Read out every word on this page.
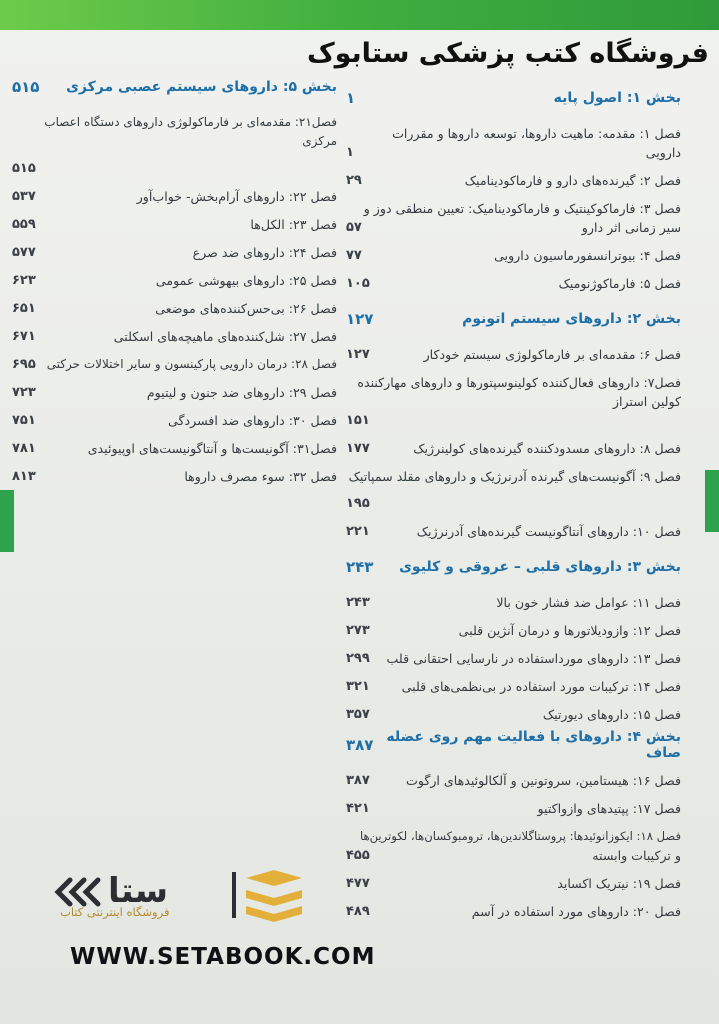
فروشگاه کتب پزشکی ستابوک
بخش ۱: اصول پایه
۱
فصل ۱: مقدمه: ماهیت داروها، توسعه داروها و مقررات دارویی
۱
فصل ۲: گیرنده‌های دارو و فارماکودینامیک
۲۹
فصل ۳: فارماکوکینتیک و فارماکودینامیک: تعیین منطقی دوز و
سیر زمانی اثر دارو
۵۷
فصل ۴: بیوترانسفورماسیون دارویی
۷۷
فصل ۵: فارماکوژنومیک
۱۰۵
بخش ۲: داروهای سیستم اتونوم
۱۲۷
فصل ۶: مقدمه‌ای بر فارماکولوژی سیستم خودکار
۱۲۷
فصل۷: داروهای فعال‌کننده کولینوسپتورها و داروهای مهارکننده
کولین استراز
۱۵۱
فصل ۸: داروهای مسدودکننده گیرنده‌های کولینرژیک
۱۷۷
فصل ۹: آگونیست‌های گیرنده آدرنرژیک و داروهای مقلد سمپاتیک
۱۹۵
فصل ۱۰: داروهای آنتاگونیست گیرنده‌های آدرنرژیک
۲۲۱
بخش ۳: داروهای قلبی – عروقی و کلیوی
۲۴۳
فصل ۱۱: عوامل ضد فشار خون بالا
۲۴۳
فصل ۱۲: وازودیلاتورها و درمان آنژین قلبی
۲۷۳
فصل ۱۳: داروهای مورداستفاده در نارسایی احتقانی قلب
۲۹۹
فصل ۱۴: ترکیبات مورد استفاده در بی‌نظمی‌های قلبی
۳۲۱
فصل ۱۵: داروهای دیورتیک
۳۵۷
بخش ۴: داروهای با فعالیت مهم روی عضله صاف
۳۸۷
فصل ۱۶: هیستامین، سروتونین و آلکالوئیدهای ارگوت
۳۸۷
فصل ۱۷: پپتیدهای وازواکتیو
۴۲۱
فصل ۱۸: ایکوزانوئیدها: پروستاگلاندین‌ها، ترومبوکسان‌ها، لکوترین‌ها
و ترکیبات وابسته
۴۵۵
فصل ۱۹: نیتریک اکساید
۴۷۷
فصل ۲۰: داروهای مورد استفاده در آسم
۴۸۹
بخش ۵: داروهای سیستم عصبی مرکزی
۵۱۵
فصل۲۱: مقدمه‌ای بر فارماکولوژی داروهای دستگاه اعصاب مرکزی
۵۱۵
فصل ۲۲: داروهای آرام‌بخش- خواب‌آور
۵۳۷
فصل ۲۳: الکل‌ها
۵۵۹
فصل ۲۴: داروهای ضد صرع
۵۷۷
فصل ۲۵: داروهای بیهوشی عمومی
۶۲۳
فصل ۲۶: بی‌حس‌کننده‌های موضعی
۶۵۱
فصل ۲۷: شل‌کننده‌های ماهیچه‌های اسکلتی
۶۷۱
فصل ۲۸: درمان دارویی پارکینسون و سایر اختلالات حرکتی
۶۹۵
فصل ۲۹: داروهای ضد جنون و لیتیوم
۷۲۳
فصل ۳۰: داروهای ضد افسردگی
۷۵۱
فصل۳۱: آگونیست‌ها و آنتاگونیست‌های اوپیوئیدی
۷۸۱
فصل ۳۲: سوء مصرف داروها
۸۱۳
ﺳﺘﺎ
فروشگاه اینترنتی کتاب
WWW.SETABOOK.COM
